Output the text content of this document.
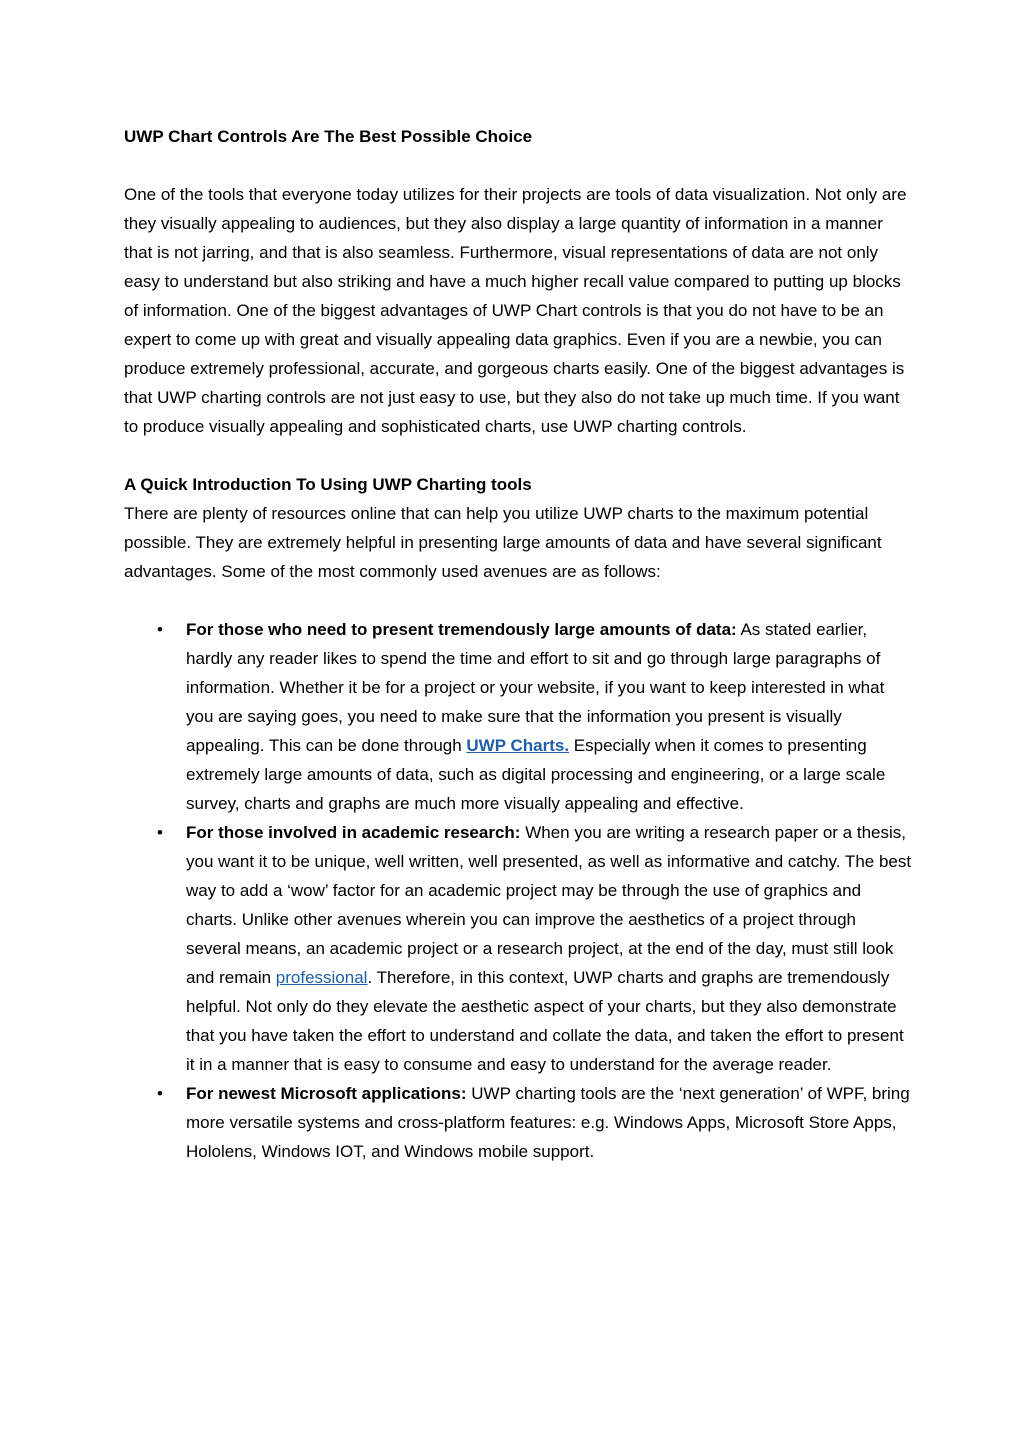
UWP Chart Controls Are The Best Possible Choice

One of the tools that everyone today utilizes for their projects are tools of data visualization. Not only are they visually appealing to audiences, but they also display a large quantity of information in a manner that is not jarring, and that is also seamless. Furthermore, visual representations of data are not only easy to understand but also striking and have a much higher recall value compared to putting up blocks of information. One of the biggest advantages of UWP Chart controls is that you do not have to be an expert to come up with great and visually appealing data graphics. Even if you are a newbie, you can produce extremely professional, accurate, and gorgeous charts easily. One of the biggest advantages is that UWP charting controls are not just easy to use, but they also do not take up much time. If you want to produce visually appealing and sophisticated charts, use UWP charting controls.

A Quick Introduction To Using UWP Charting tools

There are plenty of resources online that can help you utilize UWP charts to the maximum potential possible. They are extremely helpful in presenting large amounts of data and have several significant advantages. Some of the most commonly used avenues are as follows:

• For those who need to present tremendously large amounts of data: As stated earlier, hardly any reader likes to spend the time and effort to sit and go through large paragraphs of information. Whether it be for a project or your website, if you want to keep interested in what you are saying goes, you need to make sure that the information you present is visually appealing. This can be done through UWP Charts. Especially when it comes to presenting extremely large amounts of data, such as digital processing and engineering, or a large scale survey, charts and graphs are much more visually appealing and effective.
• For those involved in academic research: When you are writing a research paper or a thesis, you want it to be unique, well written, well presented, as well as informative and catchy. The best way to add a ‘wow’ factor for an academic project may be through the use of graphics and charts. Unlike other avenues wherein you can improve the aesthetics of a project through several means, an academic project or a research project, at the end of the day, must still look and remain professional. Therefore, in this context, UWP charts and graphs are tremendously helpful. Not only do they elevate the aesthetic aspect of your charts, but they also demonstrate that you have taken the effort to understand and collate the data, and taken the effort to present it in a manner that is easy to consume and easy to understand for the average reader.
• For newest Microsoft applications: UWP charting tools are the ‘next generation’ of WPF, bring more versatile systems and cross-platform features: e.g. Windows Apps, Microsoft Store Apps, Hololens, Windows IOT, and Windows mobile support.
